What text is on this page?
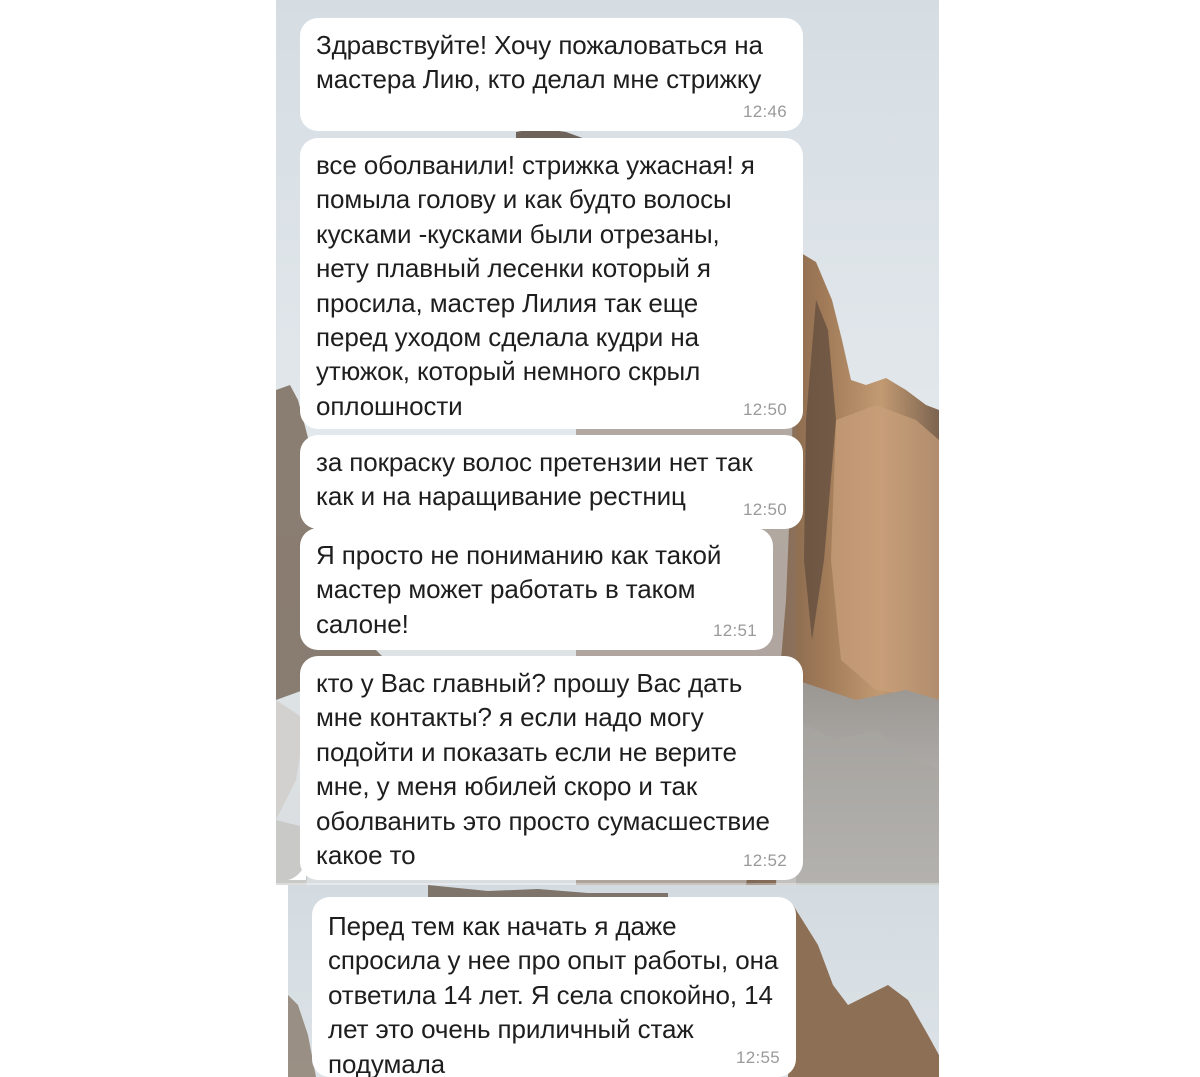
Здравствуйте! Хочу пожаловаться на
мастера Лию, кто делал мне стрижку
12:46
все оболванили! стрижка ужасная! я
помыла голову и как будто волосы
кусками -кусками были отрезаны,
нету плавный лесенки который я
просила, мастер Лилия так еще
перед уходом сделала кудри на
утюжок, который немного скрыл
оплошности	12:50
за покраску волос претензии нет так
как и на наращивание рестниц	12:50
Я просто не пониманию как такой
мастер может работать в таком
салоне!	12:51
кто у Вас главный? прошу Вас дать
мне контакты? я если надо могу
подойти и показать если не верите
мне, у меня юбилей скоро и так
оболванить это просто сумасшествие
какое то	12:52
Перед тем как начать я даже
спросила у нее про опыт работы, она
ответила 14 лет. Я села спокойно, 14
лет это очень приличный стаж
подумала	12:55
